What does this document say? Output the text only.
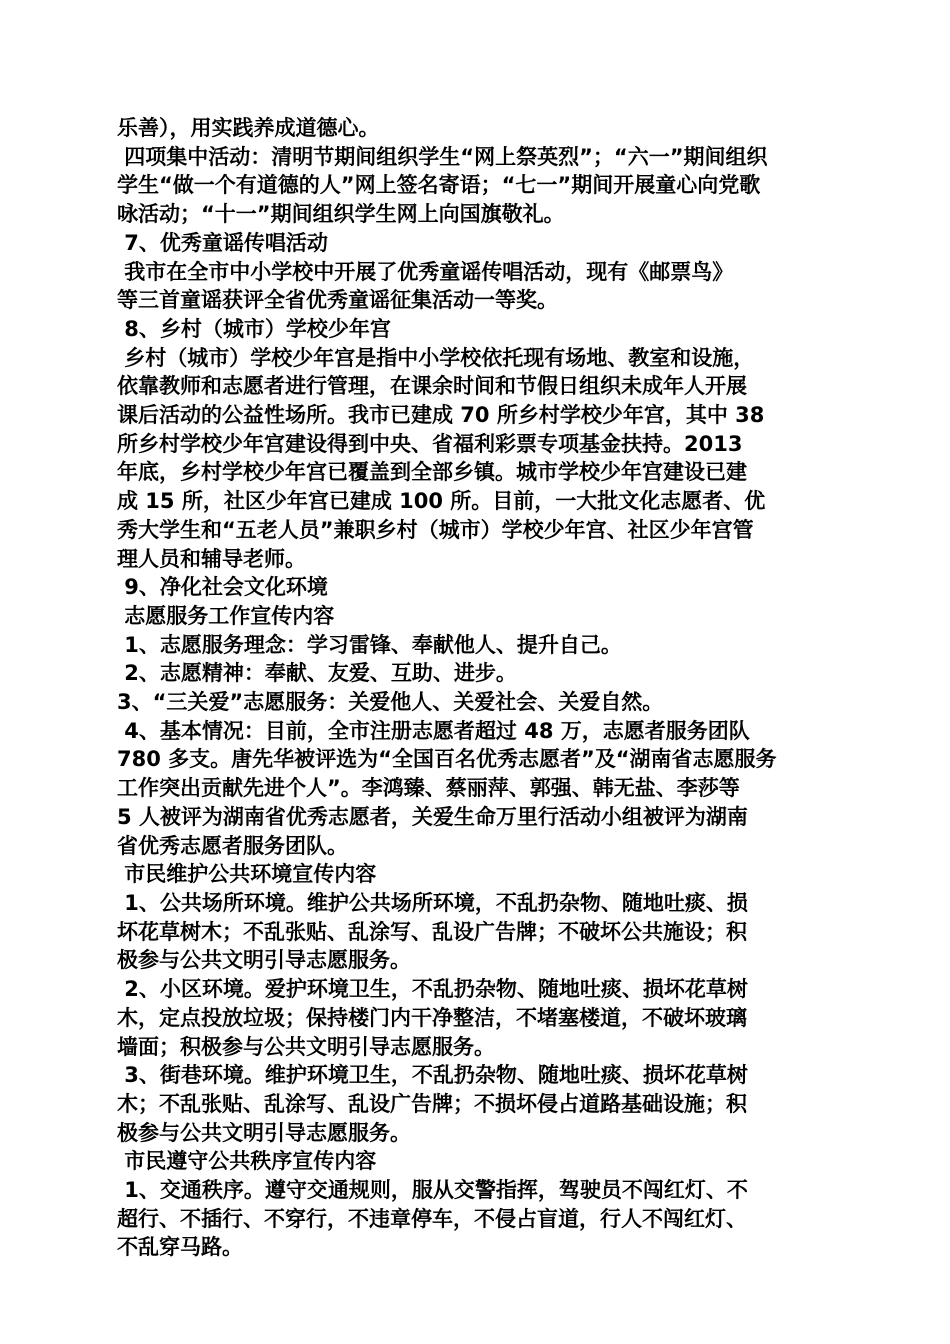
乐善），用实践养成道德心。
四项集中活动：清明节期间组织学生“网上祭英烈”；“六一”期间组织
学生“做一个有道德的人”网上签名寄语；“七一”期间开展童心向党歌
咏活动；“十一”期间组织学生网上向国旗敬礼。
7、优秀童谣传唱活动
我市在全市中小学校中开展了优秀童谣传唱活动，现有《邮票鸟》
等三首童谣获评全省优秀童谣征集活动一等奖。
8、乡村（城市）学校少年宫
乡村（城市）学校少年宫是指中小学校依托现有场地、教室和设施，
依靠教师和志愿者进行管理，在课余时间和节假日组织未成年人开展
课后活动的公益性场所。我市已建成 70 所乡村学校少年宫，其中 38
所乡村学校少年宫建设得到中央、省福利彩票专项基金扶持。2013
年底，乡村学校少年宫已覆盖到全部乡镇。城市学校少年宫建设已建
成 15 所，社区少年宫已建成 100 所。目前，一大批文化志愿者、优
秀大学生和“五老人员”兼职乡村（城市）学校少年宫、社区少年宫管
理人员和辅导老师。
9、净化社会文化环境
志愿服务工作宣传内容
1、志愿服务理念：学习雷锋、奉献他人、提升自己。
2、志愿精神：奉献、友爱、互助、进步。
3、“三关爱”志愿服务：关爱他人、关爱社会、关爱自然。
4、基本情况：目前，全市注册志愿者超过 48 万，志愿者服务团队
780 多支。唐先华被评选为“全国百名优秀志愿者”及“湖南省志愿服务
工作突出贡献先进个人”。李鸿臻、蔡丽萍、郭强、韩无盐、李莎等
5 人被评为湖南省优秀志愿者，关爱生命万里行活动小组被评为湖南
省优秀志愿者服务团队。
市民维护公共环境宣传内容
1、公共场所环境。维护公共场所环境，不乱扔杂物、随地吐痰、损
坏花草树木；不乱张贴、乱涂写、乱设广告牌；不破坏公共施设；积
极参与公共文明引导志愿服务。
2、小区环境。爱护环境卫生，不乱扔杂物、随地吐痰、损坏花草树
木，定点投放垃圾；保持楼门内干净整洁，不堵塞楼道，不破坏玻璃
墙面；积极参与公共文明引导志愿服务。
3、街巷环境。维护环境卫生，不乱扔杂物、随地吐痰、损坏花草树
木；不乱张贴、乱涂写、乱设广告牌；不损坏侵占道路基础设施；积
极参与公共文明引导志愿服务。
市民遵守公共秩序宣传内容
1、交通秩序。遵守交通规则，服从交警指挥，驾驶员不闯红灯、不
超行、不插行、不穿行，不违章停车，不侵占盲道，行人不闯红灯、
不乱穿马路。
